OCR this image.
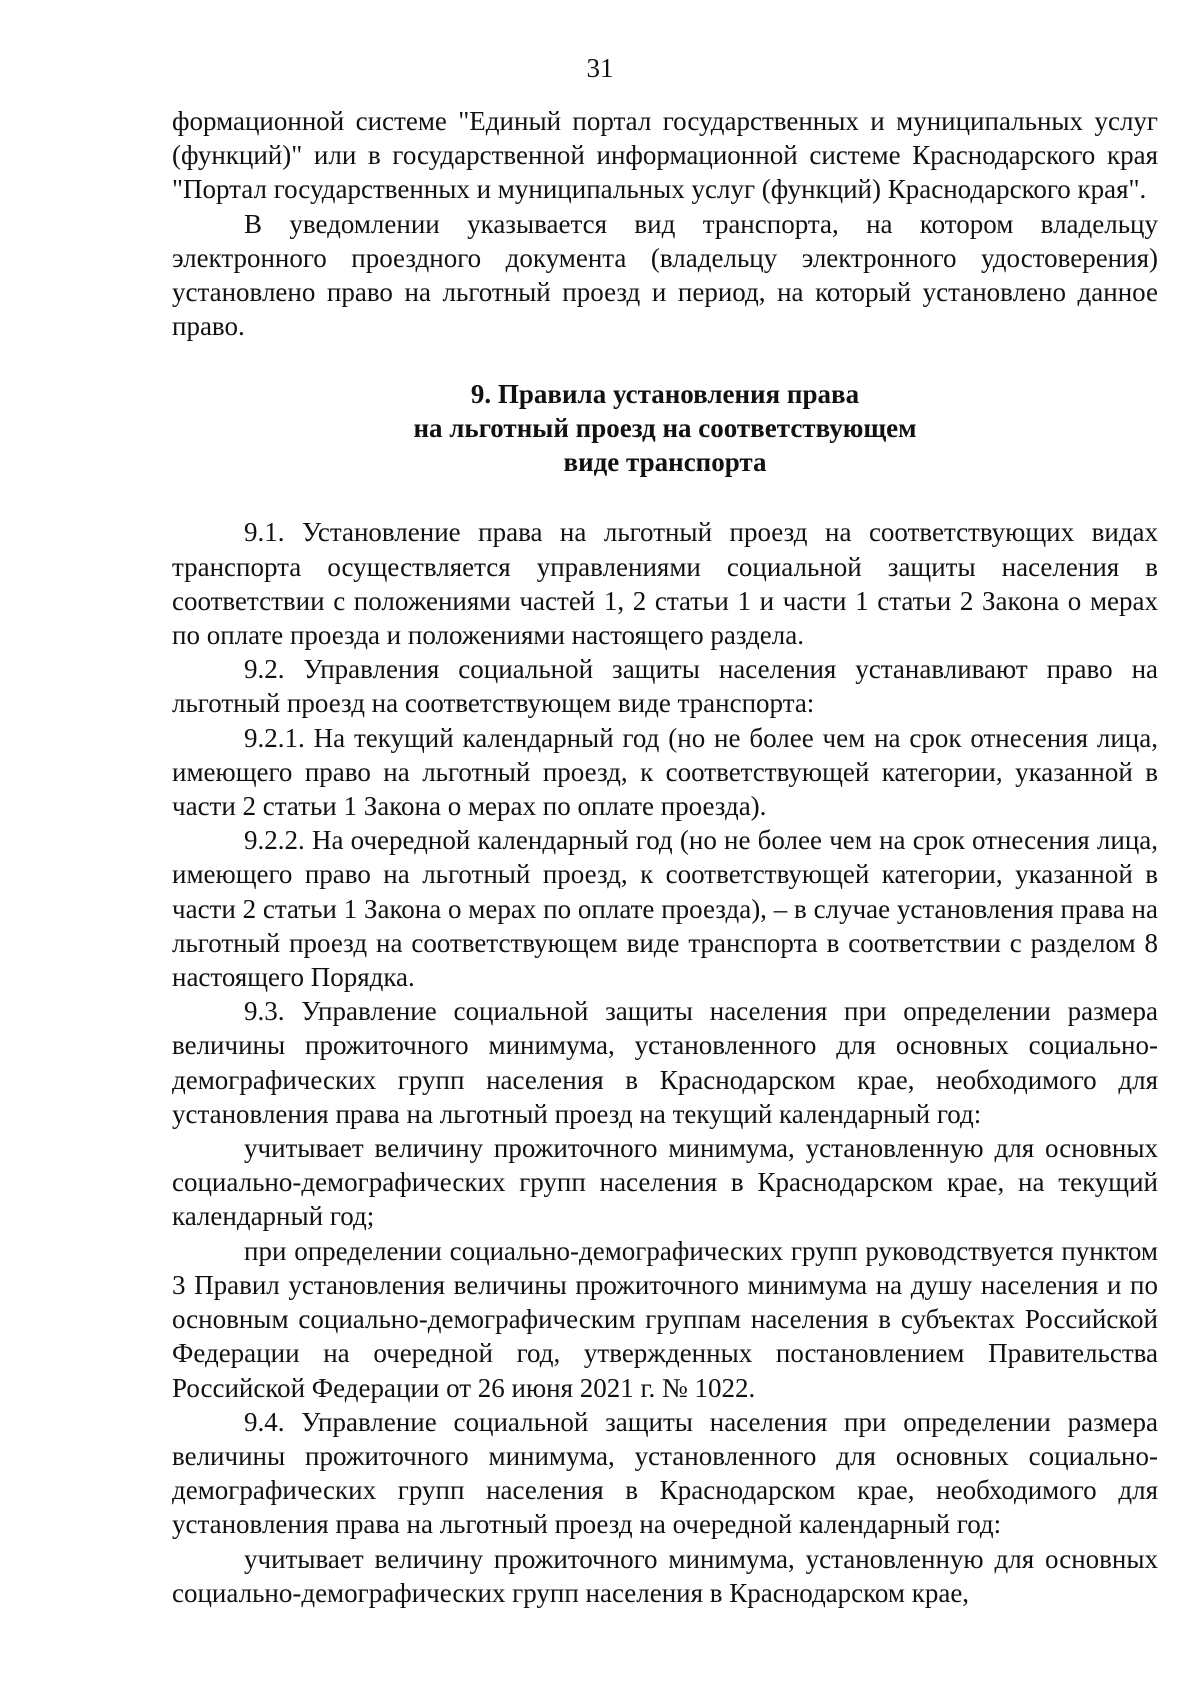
31

формационной системе "Единый портал государственных и муниципальных услуг (функций)" или в государственной информационной системе Краснодарского края "Портал государственных и муниципальных услуг (функций) Краснодарского края".

В уведомлении указывается вид транспорта, на котором владельцу электронного проездного документа (владельцу электронного удостоверения) установлено право на льготный проезд и период, на который установлено данное право.

9. Правила установления права
на льготный проезд на соответствующем
виде транспорта

9.1. Установление права на льготный проезд на соответствующих видах транспорта осуществляется управлениями социальной защиты населения в соответствии с положениями частей 1, 2 статьи 1 и части 1 статьи 2 Закона о мерах по оплате проезда и положениями настоящего раздела.

9.2. Управления социальной защиты населения устанавливают право на льготный проезд на соответствующем виде транспорта:

9.2.1. На текущий календарный год (но не более чем на срок отнесения лица, имеющего право на льготный проезд, к соответствующей категории, указанной в части 2 статьи 1 Закона о мерах по оплате проезда).

9.2.2. На очередной календарный год (но не более чем на срок отнесения лица, имеющего право на льготный проезд, к соответствующей категории, указанной в части 2 статьи 1 Закона о мерах по оплате проезда), – в случае установления права на льготный проезд на соответствующем виде транспорта в соответствии с разделом 8 настоящего Порядка.

9.3. Управление социальной защиты населения при определении размера величины прожиточного минимума, установленного для основных социально-демографических групп населения в Краснодарском крае, необходимого для установления права на льготный проезд на текущий календарный год:

учитывает величину прожиточного минимума, установленную для основных социально-демографических групп населения в Краснодарском крае, на текущий календарный год;

при определении социально-демографических групп руководствуется пунктом 3 Правил установления величины прожиточного минимума на душу населения и по основным социально-демографическим группам населения в субъектах Российской Федерации на очередной год, утвержденных постановлением Правительства Российской Федерации от 26 июня 2021 г. № 1022.

9.4. Управление социальной защиты населения при определении размера величины прожиточного минимума, установленного для основных социально-демографических групп населения в Краснодарском крае, необходимого для установления права на льготный проезд на очередной календарный год:

учитывает величину прожиточного минимума, установленную для основных социально-демографических групп населения в Краснодарском крае,
